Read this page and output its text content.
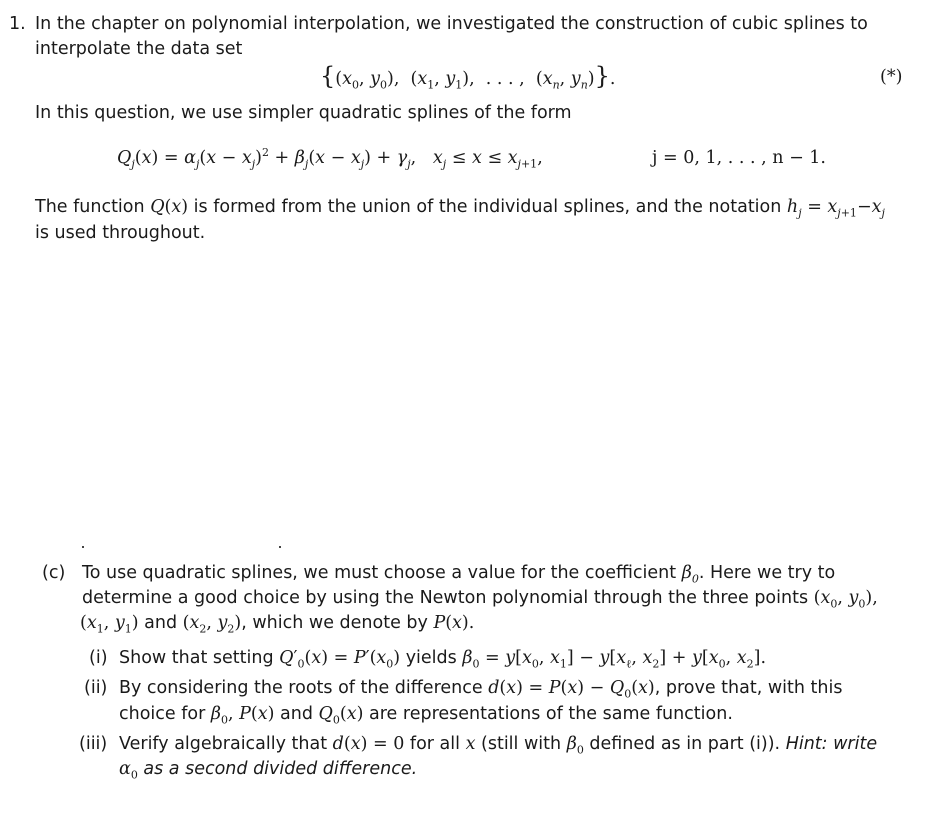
1. In the chapter on polynomial interpolation, we investigated the construction of cubic splines to
interpolate the data set
{($x_0$, $y_0$),  ($x_1$, $y_1$),  . . . ,  ($x_n$, $y_n$)}.	(*)
In this question, we use simpler quadratic splines of the form
$Q_j(x) = \alpha_j(x - x_j)^2 + \beta_j(x - x_j) + \gamma_j$,   $x_j \le x \le x_{j+1}$,	j = 0, 1, . . . , n − 1.
The function Q(x) is formed from the union of the individual splines, and the notation $h_j = x_{j+1}-x_j$
is used throughout.
(c) To use quadratic splines, we must choose a value for the coefficient $\beta_0$. Here we try to
determine a good choice by using the Newton polynomial through the three points ($x_0$, $y_0$),
($x_1$, $y_1$) and ($x_2$, $y_2$), which we denote by P(x).
(i) Show that setting $Q'_0(x) = P'(x_0)$ yields $\beta_0 = y[x_0$, $x_1] - y[x_\ell$, $x_2] + y[x_0$, $x_2$].
(ii) By considering the roots of the difference $d(x) = P(x) - Q_0(x)$, prove that, with this
choice for $\beta_0$, P(x) and $Q_0(x)$ are representations of the same function.
(iii) Verify algebraically that d(x) = 0 for all x (still with $\beta_0$ defined as in part (i)). Hint: write
$\alpha_0$ as a second divided difference.
